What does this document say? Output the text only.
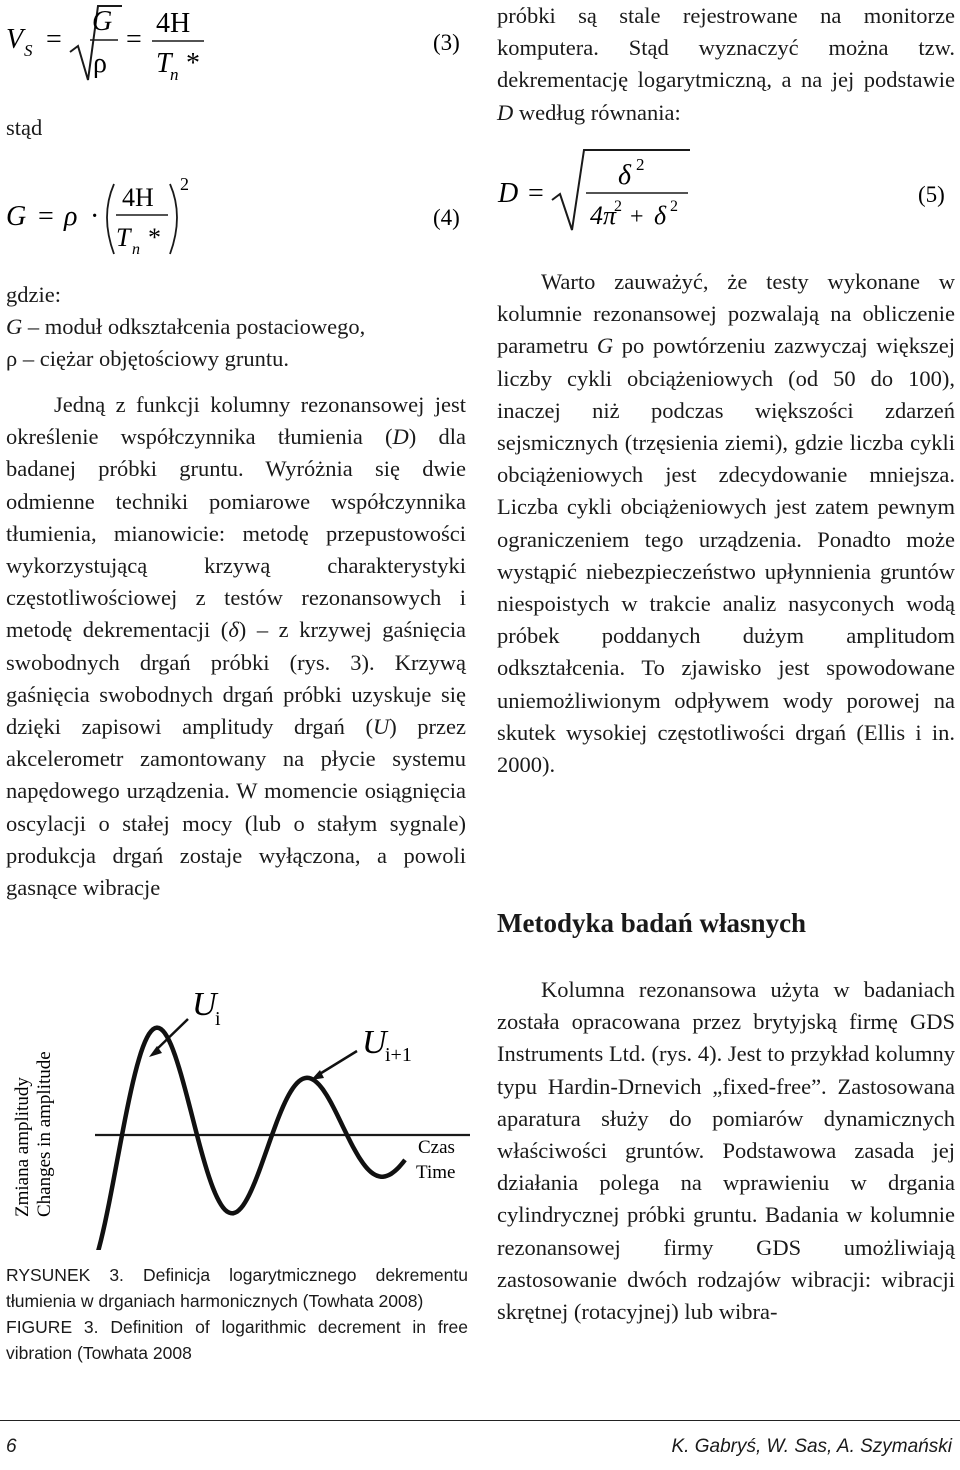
V S =
G
ρ
=
4H
T
n *
(3)
stąd
G = ρ ·
4H
T n *
2
(4)
gdzie:
G – moduł odkształcenia postaciowego,
ρ – ciężar objętościowy gruntu.

Jedną z funkcji kolumny rezonansowej jest określenie współczynnika tłumienia (D) dla badanej próbki gruntu. Wyróżnia się dwie odmienne techniki pomiarowe współczynnika tłumienia, mianowicie: metodę przepustowości wykorzystującą krzywą charakterystyki częstotliwościowej z testów rezonansowych i metodę dekrementacji (δ) – z krzywej gaśnięcia swobodnych drgań próbki (rys. 3). Krzywą gaśnięcia swobodnych drgań próbki uzyskuje się dzięki zapisowi amplitudy drgań (U) przez akcelerometr zamontowany na płycie systemu napędowego urządzenia. W momencie osiągnięcia oscylacji o stałej mocy (lub o stałym sygnale) produkcja drgań zostaje wyłączona, a powoli gasnące wibracje

Zmiana amplitudy Changes in amplitude
U
i
U
i+1
Czas
Time

RYSUNEK 3. Definicja logarytmicznego dekrementu tłumienia w drganiach harmonicznych (Towhata 2008)

FIGURE 3. Definition of logarithmic decrement in free vibration (Towhata 2008

próbki są stale rejestrowane na monitorze komputera. Stąd wyznaczyć można tzw. dekrementację logarytmiczną, a na jej podstawie D według równania:

D =
δ 2
4π
2 + δ 2	(5)

Warto zauważyć, że testy wykonane w kolumnie rezonansowej pozwalają na obliczenie parametru G po powtórzeniu zazwyczaj większej liczby cykli obciążeniowych (od 50 do 100), inaczej niż podczas większości zdarzeń sejsmicznych (trzęsienia ziemi), gdzie liczba cykli obciążeniowych jest zdecydowanie mniejsza. Liczba cykli obciążeniowych jest zatem pewnym ograniczeniem tego urządzenia. Ponadto może wystąpić niebezpieczeństwo upłynnienia gruntów niespoistych w trakcie analiz nasyconych wodą próbek poddanych dużym amplitudom odkształcenia. To zjawisko jest spowodowane uniemożliwionym odpływem wody porowej na skutek wysokiej częstotliwości drgań (Ellis i in. 2000).

Metodyka badań własnych

Kolumna rezonansowa użyta w badaniach została opracowana przez brytyjską firmę GDS Instruments Ltd. (rys. 4). Jest to przykład kolumny typu Hardin-Drnevich „fixed-free”. Zastosowana aparatura służy do pomiarów dynamicznych właściwości gruntów. Podstawowa zasada jej działania polega na wprawieniu w drgania cylindrycznej próbki gruntu. Badania w kolumnie rezonansowej firmy GDS umożliwiają zastosowanie dwóch rodzajów wibracji: wibracji skrętnej (rotacyjnej) lub wibra-

6	K. Gabryś, W. Sas, A. Szymański
